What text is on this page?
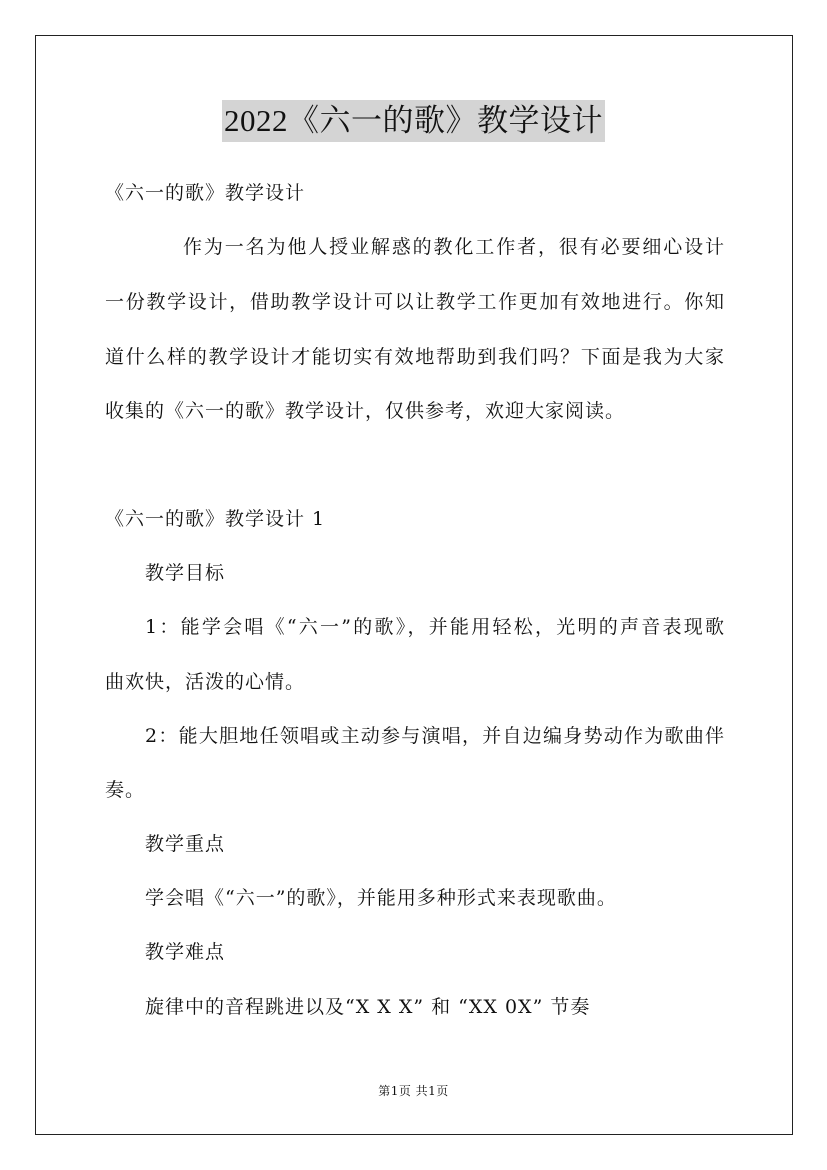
2022《六一的歌》教学设计
《六一的歌》教学设计
作为一名为他人授业解惑的教化工作者，很有必要细心设计
一份教学设计，借助教学设计可以让教学工作更加有效地进行。你知
道什么样的教学设计才能切实有效地帮助到我们吗？下面是我为大家
收集的《六一的歌》教学设计，仅供参考，欢迎大家阅读。
《六一的歌》教学设计 1
教学目标
1：能学会唱《“六一”的歌》，并能用轻松，光明的声音表现歌
曲欢快，活泼的心情。
2：能大胆地任领唱或主动参与演唱，并自边编身势动作为歌曲伴
奏。
教学重点
学会唱《“六一”的歌》，并能用多种形式来表现歌曲。
教学难点
旋律中的音程跳进以及“X X X” 和 “XX 0X” 节奏
第1页 共1页
